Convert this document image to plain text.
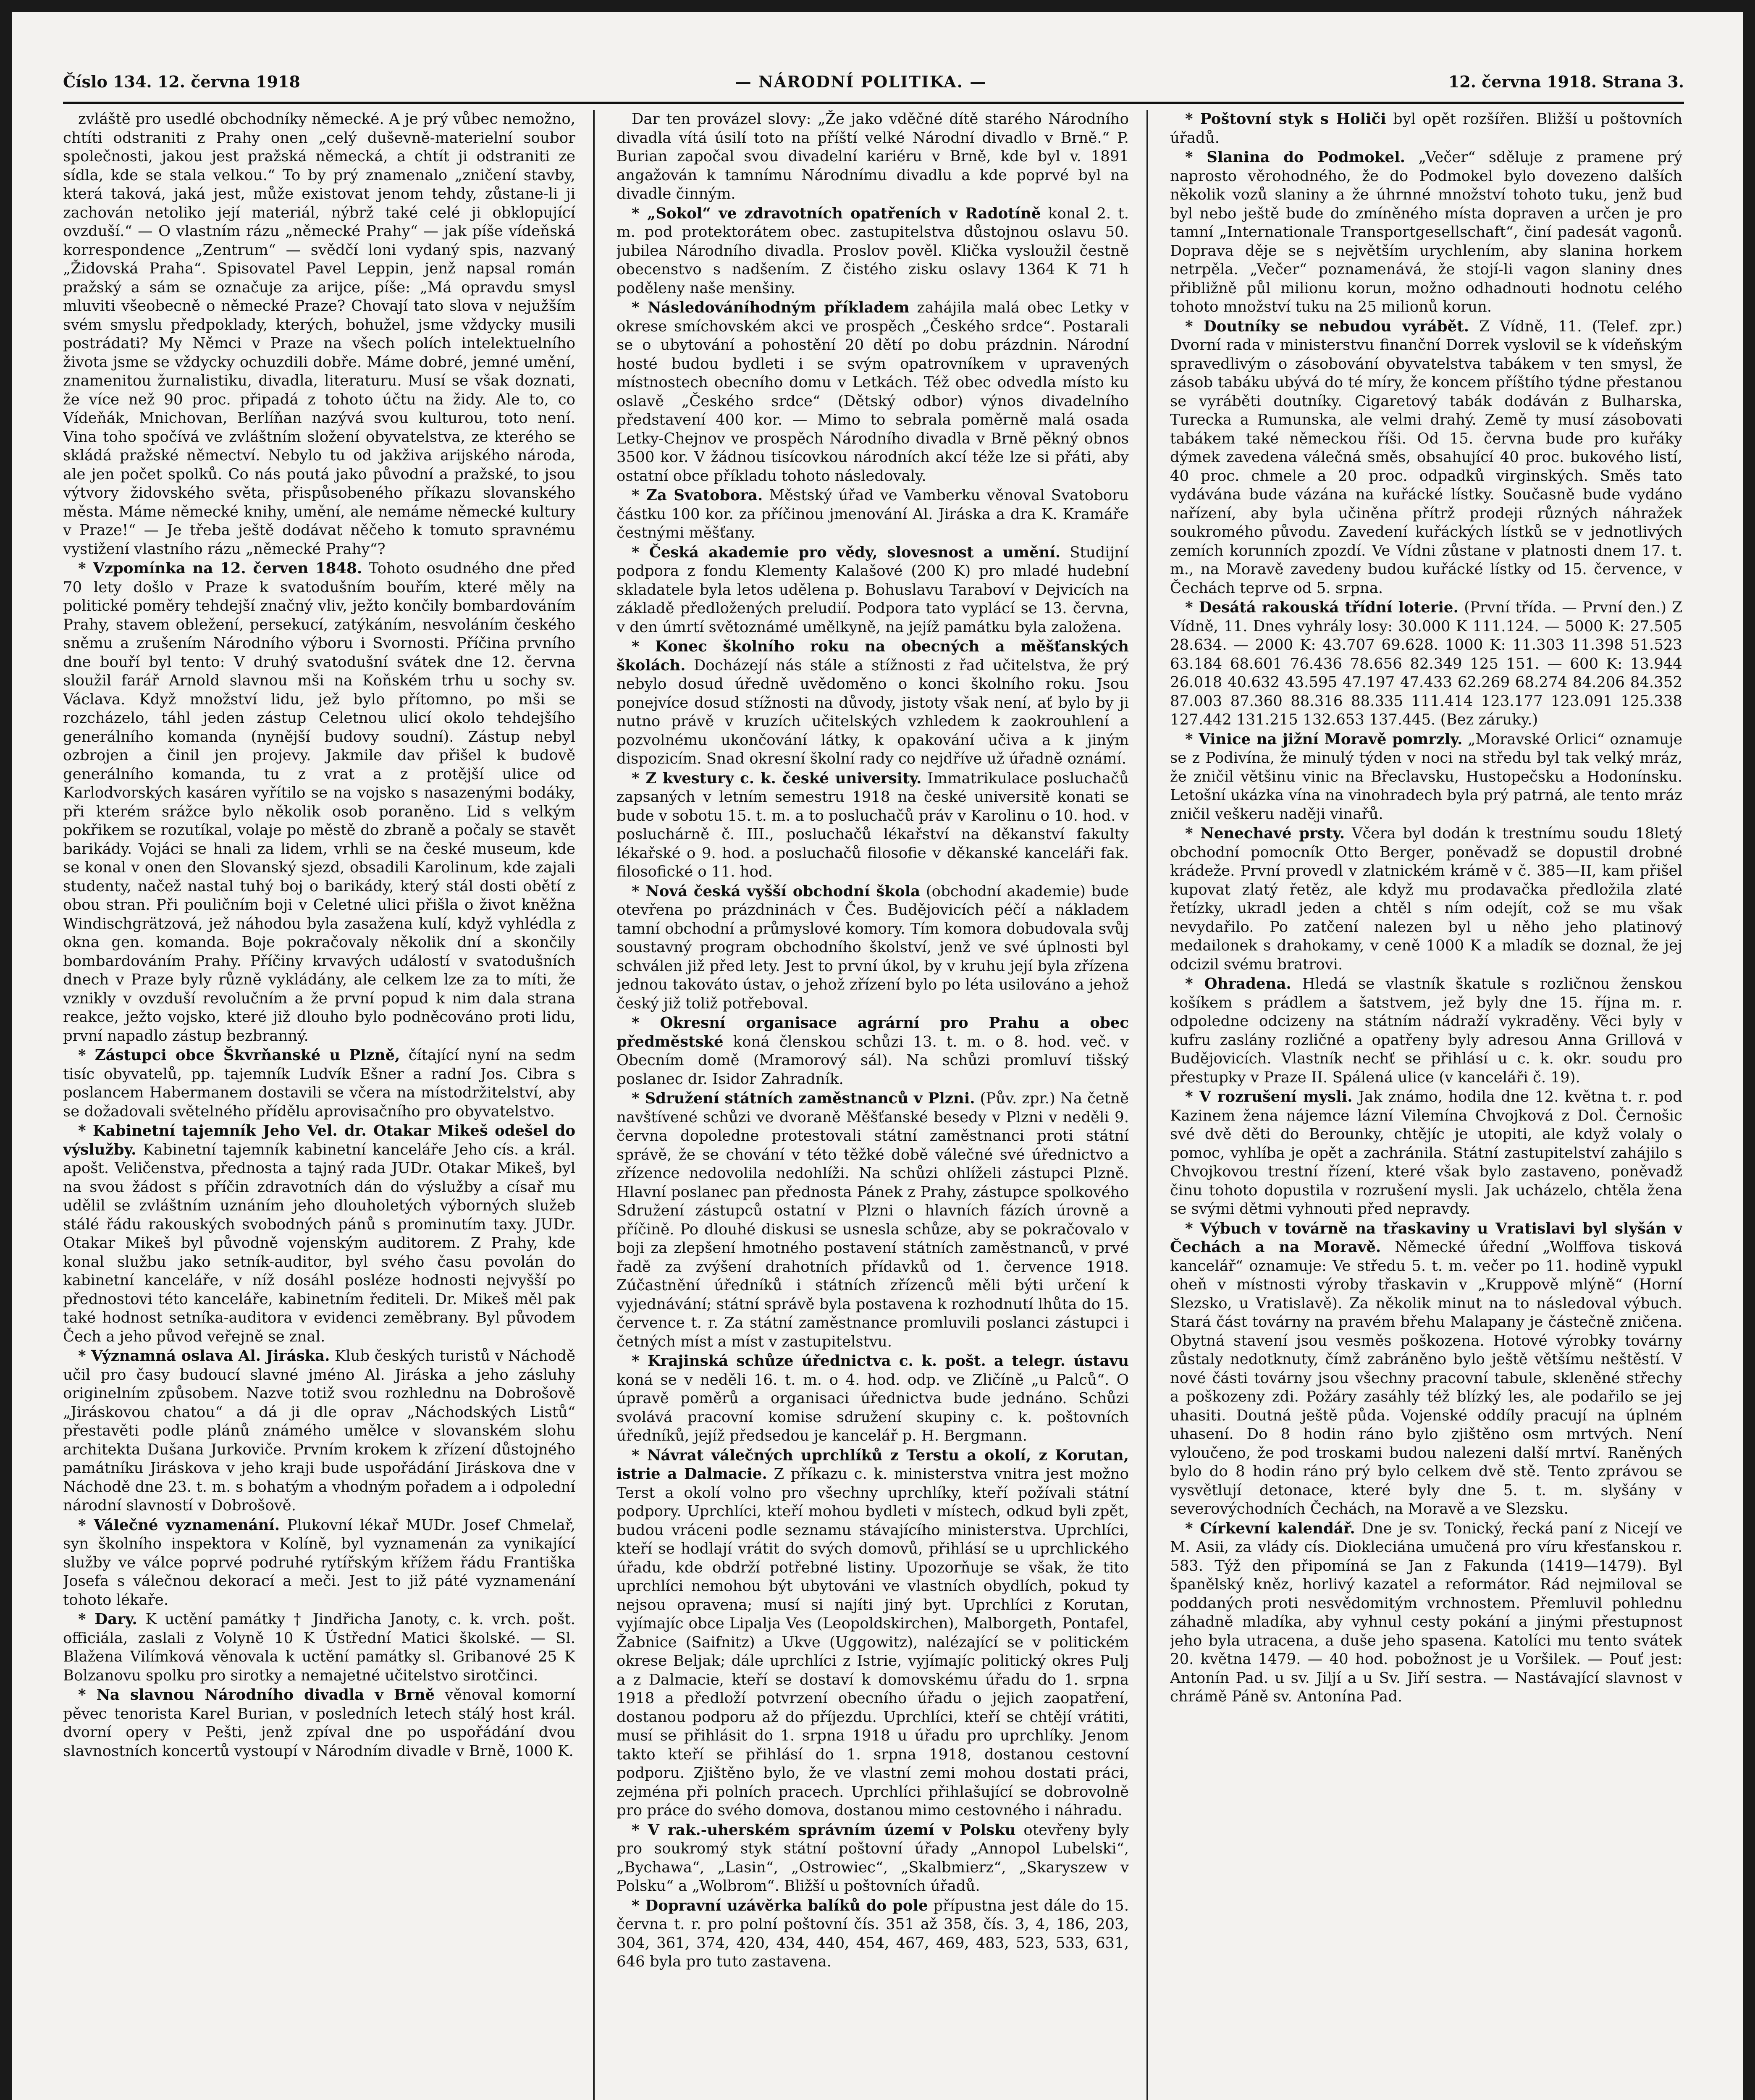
Číslo 134. 12. června 1918	— NÁRODNÍ POLITIKA. —	12. června 1918. Strana 3.

zvláště pro usedlé obchodníky německé. A je prý vůbec nemožno, chtíti odstraniti z Prahy onen „celý duševně-materielní soubor společnosti, jakou jest pražská německá, a chtít ji odstraniti ze sídla, kde se stala velkou.“ To by prý znamenalo „zničení stavby, která taková, jaká jest, může existovat jenom tehdy, zůstane-li ji zachován netoliko její materiál, nýbrž také celé ji obklopující ovzduší.“ — O vlastním rázu „německé Prahy“ — jak píše vídeňská korrespondence „Zentrum“ — svědčí loni vydaný spis, nazvaný „Židovská Praha“. Spisovatel Pavel Leppin, jenž napsal román pražský a sám se označuje za arijce, píše: „Má opravdu smysl mluviti všeobecně o německé Praze? Chovají tato slova v nejužším svém smyslu předpoklady, kterých, bohužel, jsme vždycky musili postrádati? My Němci v Praze na všech polích intelektuelního života jsme se vždycky ochuzdili dobře. Máme dobré, jemné umění, znamenitou žurnalistiku, divadla, literaturu. Musí se však doznati, že více než 90 proc. připadá z tohoto účtu na židy. Ale to, co Vídeňák, Mnichovan, Berlíňan nazývá svou kulturou, toto není. Vina toho spočívá ve zvláštním složení obyvatelstva, ze kterého se skládá pražské němectví. Nebylo tu od jakživa arijského národa, ale jen počet spolků. Co nás poutá jako původní a pražské, to jsou výtvory židovského světa, přispůsobeného příkazu slovanského města. Máme německé knihy, umění, ale nemáme německé kultury v Praze!“ — Je třeba ještě dodávat něčeho k tomuto spravnému vystižení vlastního rázu „německé Prahy“?

* Vzpomínka na 12. červen 1848. Tohoto osudného dne před 70 lety došlo v Praze k svatodušním bouřím, které měly na politické poměry tehdejší značný vliv, ježto končily bombardováním Prahy, stavem obležení, persekucí, zatýkáním, nesvoláním českého sněmu a zrušením Národního výboru i Svornosti. Příčina prvního dne bouří byl tento: V druhý svatodušní svátek dne 12. června sloužil farář Arnold slavnou mši na Koňském trhu u sochy sv. Václava. Když množství lidu, jež bylo přítomno, po mši se rozcházelo, táhl jeden zástup Celetnou ulicí okolo tehdejšího generálního komanda (nynější budovy soudní). Zástup nebyl ozbrojen a činil jen projevy. Jakmile dav přišel k budově generálního komanda, tu z vrat a z protější ulice od Karlodvorských kasáren vyřítilo se na vojsko s nasazenými bodáky, při kterém srážce bylo několik osob poraněno. Lid s velkým pokřikem se rozutíkal, volaje po městě do zbraně a počaly se stavět barikády. Vojáci se hnali za lidem, vrhli se na české museum, kde se konal v onen den Slovanský sjezd, obsadili Karolinum, kde zajali studenty, načež nastal tuhý boj o barikády, který stál dosti obětí z obou stran. Při pouličním boji v Celetné ulici přišla o život kněžna Windischgrätzová, jež náhodou byla zasažena kulí, když vyhlédla z okna gen. komanda. Boje pokračovaly několik dní a skončily bombardováním Prahy. Příčiny krvavých událostí v svatodušních dnech v Praze byly různě vykládány, ale celkem lze za to míti, že vznikly v ovzduší revolučním a že první popud k nim dala strana reakce, ježto vojsko, které již dlouho bylo podněcováno proti lidu, první napadlo zástup bezbranný.

* Zástupci obce Škvrňanské u Plzně, čítající nyní na sedm tisíc obyvatelů, pp. tajemník Ludvík Ešner a radní Jos. Cibra s poslancem Habermanem dostavili se včera na místodržitelství, aby se dožadovali světelného přídělu aprovisačního pro obyvatelstvo.

* Kabinetní tajemník Jeho Vel. dr. Otakar Mikeš odešel do výslužby. Kabinetní tajemník kabinetní kanceláře Jeho cís. a král. apošt. Veličenstva, přednosta a tajný rada JUDr. Otakar Mikeš, byl na svou žádost s příčin zdravotních dán do výslužby a císař mu udělil se zvláštním uznáním jeho dlouholetých výborných služeb stálé řádu rakouských svobodných pánů s prominutím taxy. JUDr. Otakar Mikeš byl původně vojenským auditorem. Z Prahy, kde konal službu jako setník-auditor, byl svého času povolán do kabinetní kanceláře, v níž dosáhl posléze hodnosti nejvyšší po přednostovi této kanceláře, kabinetním řediteli. Dr. Mikeš měl pak také hodnost setníka-auditora v evidenci zeměbrany. Byl původem Čech a jeho původ veřejně se znal.

* Významná oslava Al. Jiráska. Klub českých turistů v Náchodě učil pro časy budoucí slavné jméno Al. Jiráska a jeho zásluhy originelním způsobem. Nazve totiž svou rozhlednu na Dobrošově „Jiráskovou chatou“ a dá ji dle oprav „Náchodských Listů“ přestavěti podle plánů známého umělce v slovanském slohu architekta Dušana Jurkoviče. Prvním krokem k zřízení důstojného památníku Jiráskova v jeho kraji bude uspořádání Jiráskova dne v Náchodě dne 23. t. m. s bohatým a vhodným pořadem a i odpolední národní slavností v Dobrošově.

* Válečné vyznamenání. Plukovní lékař MUDr. Josef Chmelař, syn školního inspektora v Kolíně, byl vyznamenán za vynikající služby ve válce poprvé podruhé rytířským křížem řádu Františka Josefa s válečnou dekorací a meči. Jest to již páté vyznamenání tohoto lékaře.

* Dary. K uctění památky † Jindřicha Janoty, c. k. vrch. pošt. officiála, zaslali z Volyně 10 K Ústřední Matici školské. — Sl. Blažena Vilímková věnovala k uctění památky sl. Gribanové 25 K Bolzanovu spolku pro sirotky a nemajetné učitelstvo sirotčinci.

* Na slavnou Národního divadla v Brně věnoval komorní pěvec tenorista Karel Burian, v posledních letech stálý host král. dvorní opery v Pešti, jenž zpíval dne po uspořádání dvou slavnostních koncertů vystoupí v Národním divadle v Brně, 1000 K.

Dar ten provázel slovy: „Že jako vděčné dítě starého Národního divadla vítá úsilí toto na příští velké Národní divadlo v Brně.“ P. Burian započal svou divadelní kariéru v Brně, kde byl v. 1891 angažován k tamnímu Národnímu divadlu a kde poprvé byl na divadle činným.

* „Sokol“ ve zdravotních opatřeních v Radotíně konal 2. t. m. pod protektorátem obec. zastupitelstva důstojnou oslavu 50. jubilea Národního divadla. Proslov pověl. Klička vysloužil čestně obecenstvo s nadšením. Z čistého zisku oslavy 1364 K 71 h poděleny naše menšiny.

* Následováníhodným příkladem zahájila malá obec Letky v okrese smíchovském akci ve prospěch „Českého srdce“. Postarali se o ubytování a pohostění 20 dětí po dobu prázdnin. Národní hosté budou bydleti i se svým opatrovníkem v upravených místnostech obecního domu v Letkách. Též obec odvedla místo ku oslavě „Českého srdce“ (Dětský odbor) výnos divadelního představení 400 kor. — Mimo to sebrala poměrně malá osada Letky-Chejnov ve prospěch Národního divadla v Brně pěkný obnos 3500 kor. V žádnou tisícovkou národních akcí téže lze si přáti, aby ostatní obce příkladu tohoto následovaly.

* Za Svatobora. Městský úřad ve Vamberku věnoval Svatoboru částku 100 kor. za příčinou jmenování Al. Jiráska a dra K. Kramáře čestnými měšťany.

* Česká akademie pro vědy, slovesnost a umění. Studijní podpora z fondu Klementy Kalašové (200 K) pro mladé hudební skladatele byla letos udělena p. Bohuslavu Taraboví v Dejvicích na základě předložených preludií. Podpora tato vyplácí se 13. června, v den úmrtí světoznámé umělkyně, na jejíž památku byla založena.

* Konec školního roku na obecných a měšťanských školách. Docházejí nás stále a stížnosti z řad učitelstva, že prý nebylo dosud úředně uvědoměno o konci školního roku. Jsou ponejvíce dosud stížnosti na důvody, jistoty však není, ať bylo by ji nutno právě v kruzích učitelských vzhledem k zaokrouhlení a pozvolnému ukončování látky, k opakování učiva a k jiným dispozicím. Snad okresní školní rady co nejdříve už úřadně oznámí.

* Z kvestury c. k. české university. Immatrikulace posluchačů zapsaných v letním semestru 1918 na české universitě konati se bude v sobotu 15. t. m. a to posluchačů práv v Karolinu o 10. hod. v posluchárně č. III., posluchačů lékařství na děkanství fakulty lékařské o 9. hod. a posluchačů filosofie v děkanské kanceláři fak. filosofické o 11. hod.

* Nová česká vyšší obchodní škola (obchodní akademie) bude otevřena po prázdninách v Čes. Budějovicích péčí a nákladem tamní obchodní a průmyslové komory. Tím komora dobudovala svůj soustavný program obchodního školství, jenž ve své úplnosti byl schválen již před lety. Jest to první úkol, by v kruhu její byla zřízena jednou takováto ústav, o jehož zřízení bylo po léta usilováno a jehož český již toliž potřeboval.

* Okresní organisace agrární pro Prahu a obec předměstské koná členskou schůzi 13. t. m. o 8. hod. več. v Obecním domě (Mramorový sál). Na schůzi promluví tišský poslanec dr. Isidor Zahradník.

* Sdružení státních zaměstnanců v Plzni. (Pův. zpr.) Na četně navštívené schůzi ve dvoraně Měšťanské besedy v Plzni v neděli 9. června dopoledne protestovali státní zaměstnanci proti státní správě, že se chování v této těžké době válečné své úřednictvo a zřízence nedovolila nedohlíži. Na schůzi ohlíželi zástupci Plzně. Hlavní poslanec pan přednosta Pánek z Prahy, zástupce spolkového Sdružení zástupců ostatní v Plzni o hlavních fázích úrovně a příčině. Po dlouhé diskusi se usnesla schůze, aby se pokračovalo v boji za zlepšení hmotného postavení státních zaměstnanců, v prvé řadě za zvýšení drahotních přídavků od 1. července 1918. Zúčastnění úředníků i státních zřízenců měli býti určení k vyjednávání; státní správě byla postavena k rozhodnutí lhůta do 15. července t. r. Za státní zaměstnance promluvili poslanci zástupci i četných míst a míst v zastupitelstvu.

* Krajinská schůze úřednictva c. k. pošt. a telegr. ústavu koná se v neděli 16. t. m. o 4. hod. odp. ve Zličíně „u Palců“. O úpravě poměrů a organisaci úřednictva bude jednáno. Schůzi svolává pracovní komise sdružení skupiny c. k. poštovních úředníků, jejíž předsedou je kancelář p. H. Bergmann.

* Návrat válečných uprchlíků z Terstu a okolí, z Korutan, istrie a Dalmacie. Z příkazu c. k. ministerstva vnitra jest možno Terst a okolí volno pro všechny uprchlíky, kteří požívali státní podpory. Uprchlíci, kteří mohou bydleti v místech, odkud byli zpět, budou vráceni podle seznamu stávajícího ministerstva. Uprchlíci, kteří se hodlají vrátit do svých domovů, přihlásí se u uprchlického úřadu, kde obdrží potřebné listiny. Upozorňuje se však, že tito uprchlíci nemohou být ubytováni ve vlastních obydlích, pokud ty nejsou opravena; musí si najíti jiný byt. Uprchlíci z Korutan, vyjímajíc obce Lipalja Ves (Leopoldskirchen), Malborgeth, Pontafel, Žabnice (Saifnitz) a Ukve (Uggowitz), nalézající se v politickém okrese Beljak; dále uprchlíci z Istrie, vyjímajíc politický okres Pulj a z Dalmacie, kteří se dostaví k domovskému úřadu do 1. srpna 1918 a předloží potvrzení obecního úřadu o jejich zaopatření, dostanou podporu až do příjezdu. Uprchlíci, kteří se chtějí vrátiti, musí se přihlásit do 1. srpna 1918 u úřadu pro uprchlíky. Jenom takto kteří se přihlásí do 1. srpna 1918, dostanou cestovní podporu. Zjištěno bylo, že ve vlastní zemi mohou dostati práci, zejména při polních pracech. Uprchlíci přihlašující se dobrovolně pro práce do svého domova, dostanou mimo cestovného i náhradu.

* V rak.-uherském správním území v Polsku otevřeny byly pro soukromý styk státní poštovní úřady „Annopol Lubelski“, „Bychawa“, „Lasin“, „Ostrowiec“, „Skalbmierz“, „Skaryszew v Polsku“ a „Wolbrom“. Bližší u poštovních úřadů.

* Dopravní uzávěrka balíků do pole přípustna jest dále do 15. června t. r. pro polní poštovní čís. 351 až 358, čís. 3, 4, 186, 203, 304, 361, 374, 420, 434, 440, 454, 467, 469, 483, 523, 533, 631, 646 byla pro tuto zastavena.

* Poštovní styk s Holiči byl opět rozšířen. Bližší u poštovních úřadů.

* Slanina do Podmokel. „Večer“ sděluje z pramene prý naprosto věrohodného, že do Podmokel bylo dovezeno dalších několik vozů slaniny a že úhrnné množství tohoto tuku, jenž bud byl nebo ještě bude do zmíněného místa dopraven a určen je pro tamní „Internationale Transportgesellschaft“, činí padesát vagonů. Doprava děje se s největším urychlením, aby slanina horkem netrpěla. „Večer“ poznamenává, že stojí-li vagon slaniny dnes přibližně půl milionu korun, možno odhadnouti hodnotu celého tohoto množství tuku na 25 milionů korun.

* Doutníky se nebudou vyrábět. Z Vídně, 11. (Telef. zpr.) Dvorní rada v ministerstvu finanční Dorrek vyslovil se k vídeňským spravedlivým o zásobování obyvatelstva tabákem v ten smysl, že zásob tabáku ubývá do té míry, že koncem příštího týdne přestanou se vyráběti doutníky. Cigaretový tabák dodáván z Bulharska, Turecka a Rumunska, ale velmi drahý. Země ty musí zásobovati tabákem také německou říši. Od 15. června bude pro kuřáky dýmek zavedena válečná směs, obsahující 40 proc. bukového listí, 40 proc. chmele a 20 proc. odpadků virginských. Směs tato vydávána bude vázána na kuřácké lístky. Současně bude vydáno nařízení, aby byla učiněna přítrž prodeji různých náhražek soukromého původu. Zavedení kuřáckých lístků se v jednotlivých zemích korunních zpozdí. Ve Vídni zůstane v platnosti dnem 17. t. m., na Moravě zavedeny budou kuřácké lístky od 15. července, v Čechách teprve od 5. srpna.

* Desátá rakouská třídní loterie. (První třída. — První den.) Z Vídně, 11. Dnes vyhrály losy: 30.000 K 111.124. — 5000 K: 27.505 28.634. — 2000 K: 43.707 69.628. 1000 K: 11.303 11.398 51.523 63.184 68.601 76.436 78.656 82.349 125 151. — 600 K: 13.944 26.018 40.632 43.595 47.197 47.433 62.269 68.274 84.206 84.352 87.003 87.360 88.316 88.335 111.414 123.177 123.091 125.338 127.442 131.215 132.653 137.445. (Bez záruky.)

* Vinice na jižní Moravě pomrzly. „Moravské Orlici“ oznamuje se z Podivína, že minulý týden v noci na středu byl tak velký mráz, že zničil většinu vinic na Břeclavsku, Hustopečsku a Hodonínsku. Letošní ukázka vína na vinohradech byla prý patrná, ale tento mráz zničil veškeru naději vinařů.

* Nenechavé prsty. Včera byl dodán k trestnímu soudu 18letý obchodní pomocník Otto Berger, poněvadž se dopustil drobné krádeže. První provedl v zlatnickém krámě v č. 385—II, kam přišel kupovat zlatý řetěz, ale když mu prodavačka předložila zlaté řetízky, ukradl jeden a chtěl s ním odejít, což se mu však nevydařilo. Po zatčení nalezen byl u něho jeho platinový medailonek s drahokamy, v ceně 1000 K a mladík se doznal, že jej odcizil svému bratrovi.

* Ohradena. Hledá se vlastník škatule s rozličnou ženskou košíkem s prádlem a šatstvem, jež byly dne 15. října m. r. odpoledne odcizeny na státním nádraží vykraděny. Věci byly v kufru zaslány rozličné a opatřeny byly adresou Anna Grillová v Budějovicích. Vlastník nechť se přihlásí u c. k. okr. soudu pro přestupky v Praze II. Spálená ulice (v kanceláři č. 19).

* V rozrušení mysli. Jak známo, hodila dne 12. května t. r. pod Kazinem žena nájemce lázní Vilemína Chvojková z Dol. Černošic své dvě děti do Berounky, chtějíc je utopiti, ale když volaly o pomoc, vyhlíba je opět a zachránila. Státní zastupitelství zahájilo s Chvojkovou trestní řízení, které však bylo zastaveno, poněvadž činu tohoto dopustila v rozrušení mysli. Jak ucházelo, chtěla žena se svými dětmi vyhnouti před nepravdy.

* Výbuch v továrně na třaskaviny u Vratislavi byl slyšán v Čechách a na Moravě. Německé úřední „Wolffova tisková kancelář“ oznamuje: Ve středu 5. t. m. večer po 11. hodině vypukl oheň v místnosti výroby třaskavin v „Kruppově mlýně“ (Horní Slezsko, u Vratislavě). Za několik minut na to následoval výbuch. Stará část továrny na pravém břehu Malapany je částečně zničena. Obytná stavení jsou vesměs poškozena. Hotové výrobky továrny zůstaly nedotknuty, čímž zabráněno bylo ještě většímu neštěstí. V nové části továrny jsou všechny pracovní tabule, skleněné střechy a poškozeny zdi. Požáry zasáhly též blízký les, ale podařilo se jej uhasiti. Doutná ještě půda. Vojenské oddíly pracují na úplném uhasení. Do 8 hodin ráno bylo zjištěno osm mrtvých. Není vyloučeno, že pod troskami budou nalezeni další mrtví. Raněných bylo do 8 hodin ráno prý bylo celkem dvě stě. Tento zprávou se vysvětlují detonace, které byly dne 5. t. m. slyšány v severovýchodních Čechách, na Moravě a ve Slezsku.

* Církevní kalendář. Dne je sv. Tonický, řecká paní z Nicejí ve M. Asii, za vlády cís. Diokleciána umučená pro víru křesťanskou r. 583. Týž den připomíná se Jan z Fakunda (1419—1479). Byl španělský kněz, horlivý kazatel a reformátor. Rád nejmiloval se poddaných proti nesvědomitým vrchnostem. Přemluvil pohlednu záhadně mladíka, aby vyhnul cesty pokání a jinými přestupnost jeho byla utracena, a duše jeho spasena. Katolíci mu tento svátek 20. května 1479. — 40 hod. pobožnost je u Voršilek. — Pouť jest: Antonín Pad. u sv. Jiljí a u Sv. Jiří sestra. — Nastávající slavnost v chrámě Páně sv. Antonína Pad.
